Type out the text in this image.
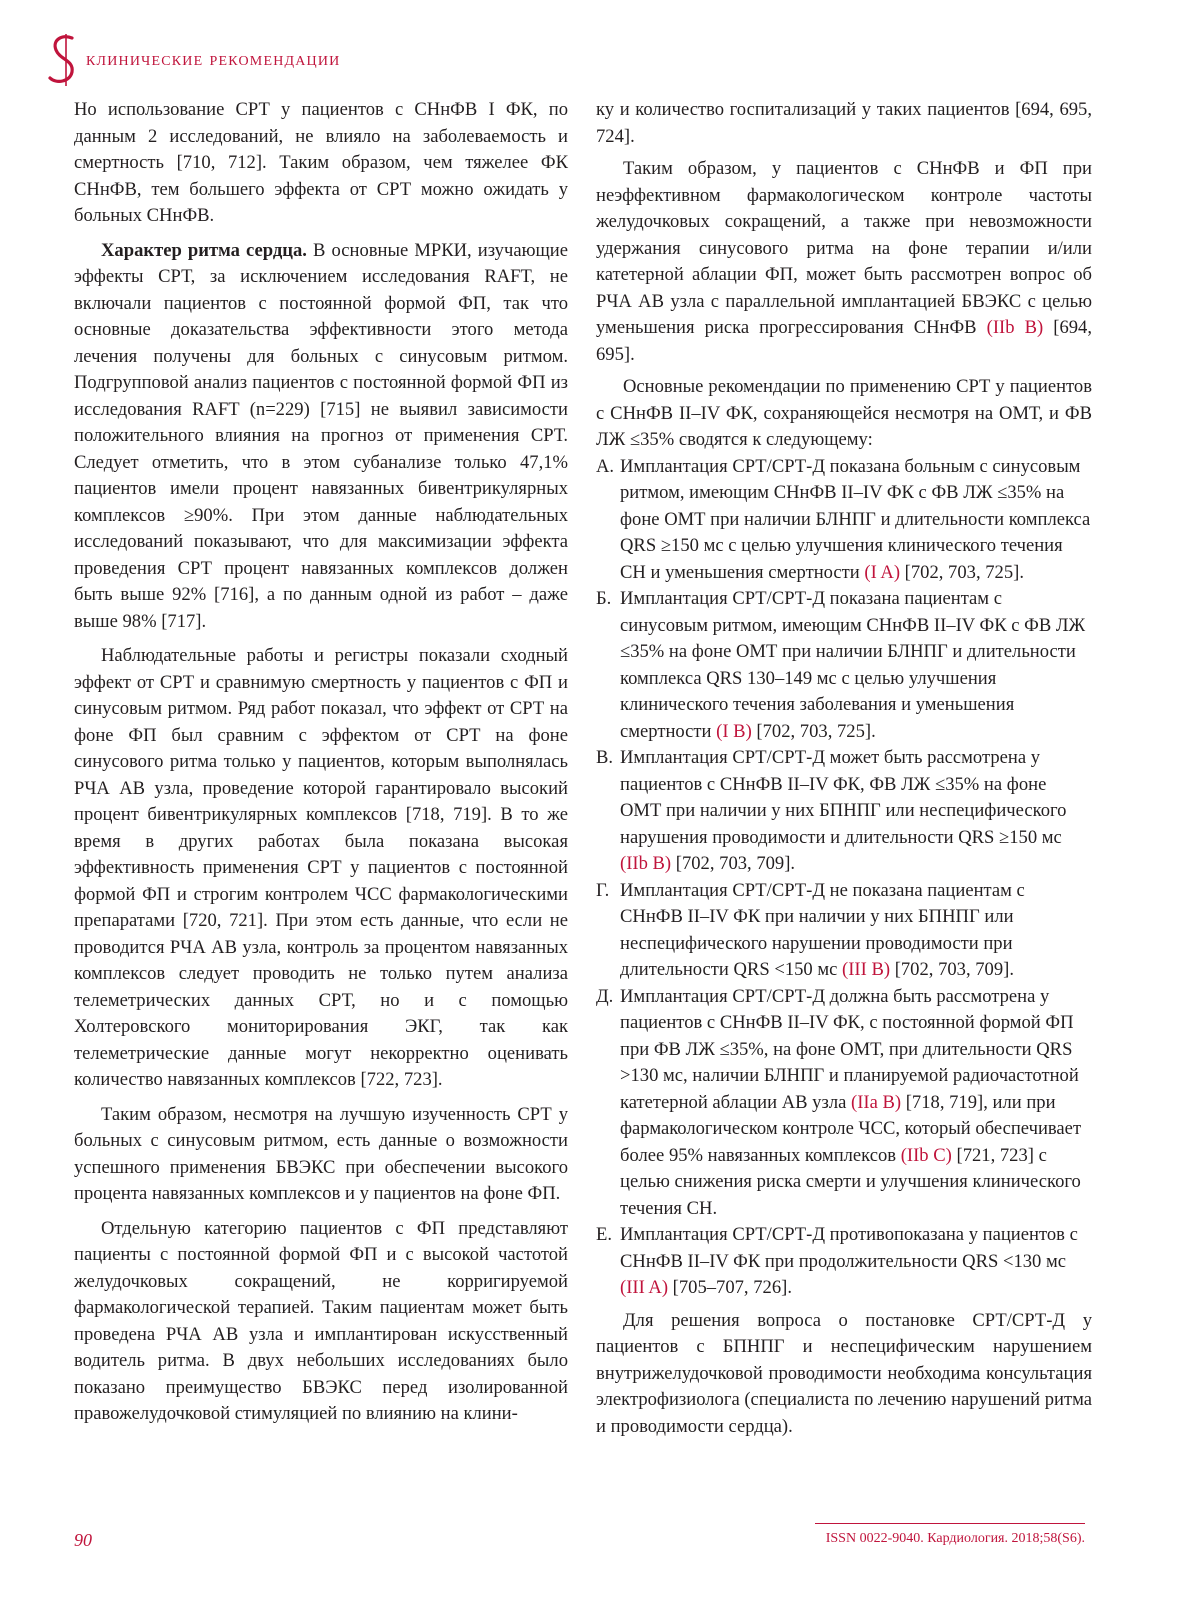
клинические рекомендации

Но использование СРТ у пациентов с СНнФВ I ФК, по данным 2 исследований, не влияло на заболеваемость и смертность [710, 712]. Таким образом, чем тяжелее ФК СНнФВ, тем большего эффекта от СРТ можно ожидать у больных СНнФВ.

Характер ритма сердца. В основные МРКИ, изучающие эффекты СРТ, за исключением исследования RAFT, не включали пациентов с постоянной формой ФП, так что основные доказательства эффективности этого метода лечения получены для больных с синусовым ритмом. Подгрупповой анализ пациентов с постоянной формой ФП из исследования RAFT (n=229) [715] не выявил зависимости положительного влияния на прогноз от применения СРТ. Следует отметить, что в этом субанализе только 47,1% пациентов имели процент навязанных бивентрикулярных комплексов ≥90%. При этом данные наблюдательных исследований показывают, что для максимизации эффекта проведения СРТ процент навязанных комплексов должен быть выше 92% [716], а по данным одной из работ – даже выше 98% [717].

Наблюдательные работы и регистры показали сходный эффект от СРТ и сравнимую смертность у пациентов с ФП и синусовым ритмом. Ряд работ показал, что эффект от СРТ на фоне ФП был сравним с эффектом от СРТ на фоне синусового ритма только у пациентов, которым выполнялась РЧА АВ узла, проведение которой гарантировало высокий процент бивентрикулярных комплексов [718, 719]. В то же время в других работах была показана высокая эффективность применения СРТ у пациентов с постоянной формой ФП и строгим контролем ЧСС фармакологическими препаратами [720, 721]. При этом есть данные, что если не проводится РЧА АВ узла, контроль за процентом навязанных комплексов следует проводить не только путем анализа телеметрических данных СРТ, но и с помощью Холтеровского мониторирования ЭКГ, так как телеметрические данные могут некорректно оценивать количество навязанных комплексов [722, 723].

Таким образом, несмотря на лучшую изученность СРТ у больных с синусовым ритмом, есть данные о возможности успешного применения БВЭКС при обеспечении высокого процента навязанных комплексов и у пациентов на фоне ФП.

Отдельную категорию пациентов с ФП представляют пациенты с постоянной формой ФП и с высокой частотой желудочковых сокращений, не корригируемой фармакологической терапией. Таким пациентам может быть проведена РЧА АВ узла и имплантирован искусственный водитель ритма. В двух небольших исследованиях было показано преимущество БВЭКС перед изолированной правожелудочковой стимуляцией по влиянию на клини-

ку и количество госпитализаций у таких пациентов [694, 695, 724].

Таким образом, у пациентов с СНнФВ и ФП при неэффективном фармакологическом контроле частоты желудочковых сокращений, а также при невозможности удержания синусового ритма на фоне терапии и/или катетерной аблации ФП, может быть рассмотрен вопрос об РЧА АВ узла с параллельной имплантацией БВЭКС с целью уменьшения риска прогрессирования СНнФВ (IIb B) [694, 695].

Основные рекомендации по применению СРТ у пациентов с СНнФВ II–IV ФК, сохраняющейся несмотря на ОМТ, и ФВ ЛЖ ≤35% сводятся к следующему:

А. Имплантация СРТ/СРТ-Д показана больным с синусовым ритмом, имеющим СНнФВ II–IV ФК с ФВ ЛЖ ≤35% на фоне ОМТ при наличии БЛНПГ и длительности комплекса QRS ≥150 мс с целью улучшения клинического течения СН и уменьшения смертности (I A) [702, 703, 725].
Б. Имплантация СРТ/СРТ-Д показана пациентам с синусовым ритмом, имеющим СНнФВ II–IV ФК с ФВ ЛЖ ≤35% на фоне ОМТ при наличии БЛНПГ и длительности комплекса QRS 130–149 мс с целью улучшения клинического течения заболевания и уменьшения смертности (I B) [702, 703, 725].
В. Имплантация СРТ/СРТ-Д может быть рассмотрена у пациентов с СНнФВ II–IV ФК, ФВ ЛЖ ≤35% на фоне ОМТ при наличии у них БПНПГ или неспецифического нарушения проводимости и длительности QRS ≥150 мс (IIb B) [702, 703, 709].
Г. Имплантация СРТ/СРТ-Д не показана пациентам с СНнФВ II–IV ФК при наличии у них БПНПГ или неспецифического нарушении проводимости при длительности QRS <150 мс (III B) [702, 703, 709].
Д. Имплантация СРТ/СРТ-Д должна быть рассмотрена у пациентов с СНнФВ II–IV ФК, с постоянной формой ФП при ФВ ЛЖ ≤35%, на фоне ОМТ, при длительности QRS >130 мс, наличии БЛНПГ и планируемой радиочастотной катетерной аблации АВ узла (IIa B) [718, 719], или при фармакологическом контроле ЧСС, который обеспечивает более 95% навязанных комплексов (IIb C) [721, 723] с целью снижения риска смерти и улучшения клинического течения СН.
Е. Имплантация СРТ/СРТ-Д противопоказана у пациентов с СНнФВ II–IV ФК при продолжительности QRS <130 мс (III A) [705–707, 726].

Для решения вопроса о постановке СРТ/СРТ-Д у пациентов с БПНПГ и неспецифическим нарушением внутрижелудочковой проводимости необходима консультация электрофизиолога (специалиста по лечению нарушений ритма и проводимости сердца).

90	ISSN 0022-9040. Кардиология. 2018;58(S6).
